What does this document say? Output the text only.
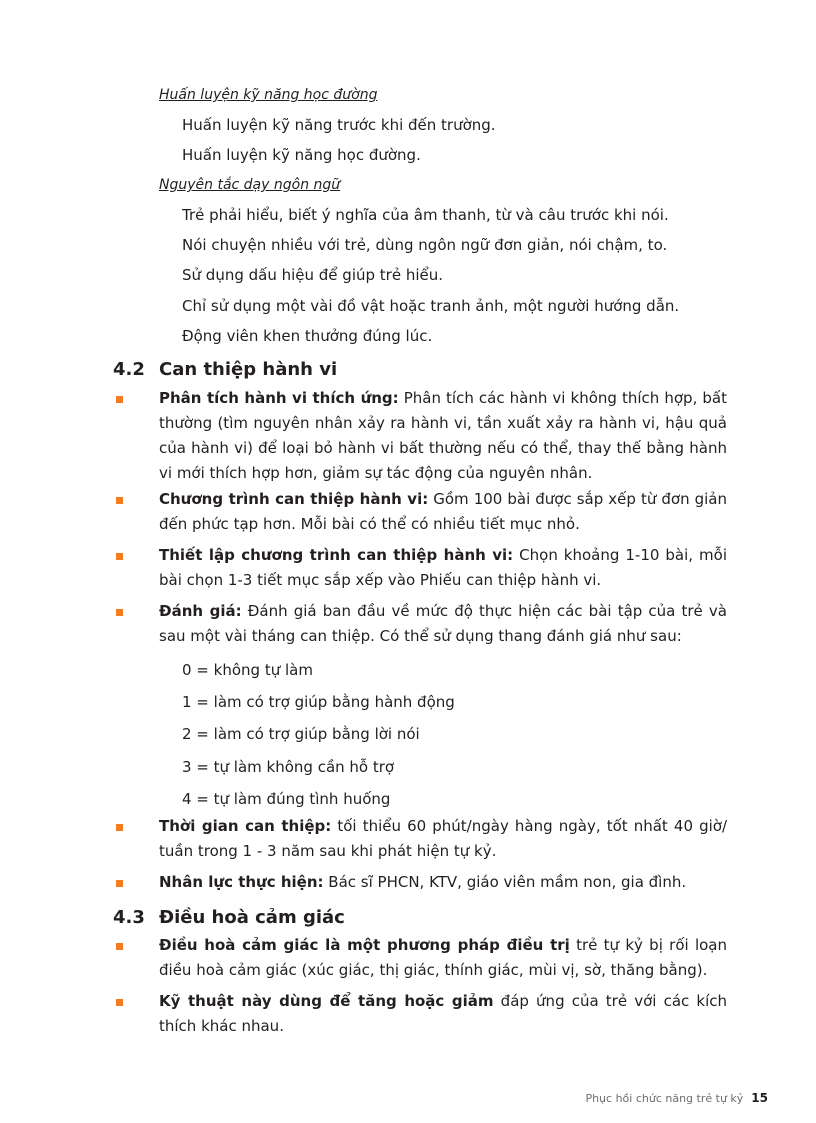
Huấn luyện kỹ năng học đường
Huấn luyện kỹ năng trước khi đến trường.
Huấn luyện kỹ năng học đường.
Nguyên tắc dạy ngôn ngữ
Trẻ phải hiểu, biết ý nghĩa của âm thanh, từ và câu trước khi nói.
Nói chuyện nhiều với trẻ, dùng ngôn ngữ đơn giản, nói chậm, to.
Sử dụng dấu hiệu để giúp trẻ hiểu.
Chỉ sử dụng một vài đồ vật hoặc tranh ảnh, một người hướng dẫn.
Động viên khen thưởng đúng lúc.
4.2 Can thiệp hành vi
Phân tích hành vi thích ứng: Phân tích các hành vi không thích hợp, bất thường (tìm nguyên nhân xảy ra hành vi, tần xuất xảy ra hành vi, hậu quả của hành vi) để loại bỏ hành vi bất thường nếu có thể, thay thế bằng hành vi mới thích hợp hơn, giảm sự tác động của nguyên nhân.
Chương trình can thiệp hành vi: Gồm 100 bài được sắp xếp từ đơn giản đến phức tạp hơn. Mỗi bài có thể có nhiều tiết mục nhỏ.
Thiết lập chương trình can thiệp hành vi: Chọn khoảng 1-10 bài, mỗi bài chọn 1-3 tiết mục sắp xếp vào Phiếu can thiệp hành vi.
Đánh giá: Đánh giá ban đầu về mức độ thực hiện các bài tập của trẻ và sau một vài tháng can thiệp. Có thể sử dụng thang đánh giá như sau:
0 = không tự làm
1 = làm có trợ giúp bằng hành động
2 = làm có trợ giúp bằng lời nói
3 = tự làm không cần hỗ trợ
4 = tự làm đúng tình huống
Thời gian can thiệp: tối thiểu 60 phút/ngày hàng ngày, tốt nhất 40 giờ/ tuần trong 1 - 3 năm sau khi phát hiện tự kỷ.
Nhân lực thực hiện: Bác sĩ PHCN, KTV, giáo viên mầm non, gia đình.
4.3 Điều hoà cảm giác
Điều hoà cảm giác là một phương pháp điều trị trẻ tự kỷ bị rối loạn điều hoà cảm giác (xúc giác, thị giác, thính giác, mùi vị, sờ, thăng bằng).
Kỹ thuật này dùng để tăng hoặc giảm đáp ứng của trẻ với các kích thích khác nhau.
Phục hồi chức năng trẻ tự kỷ 15
